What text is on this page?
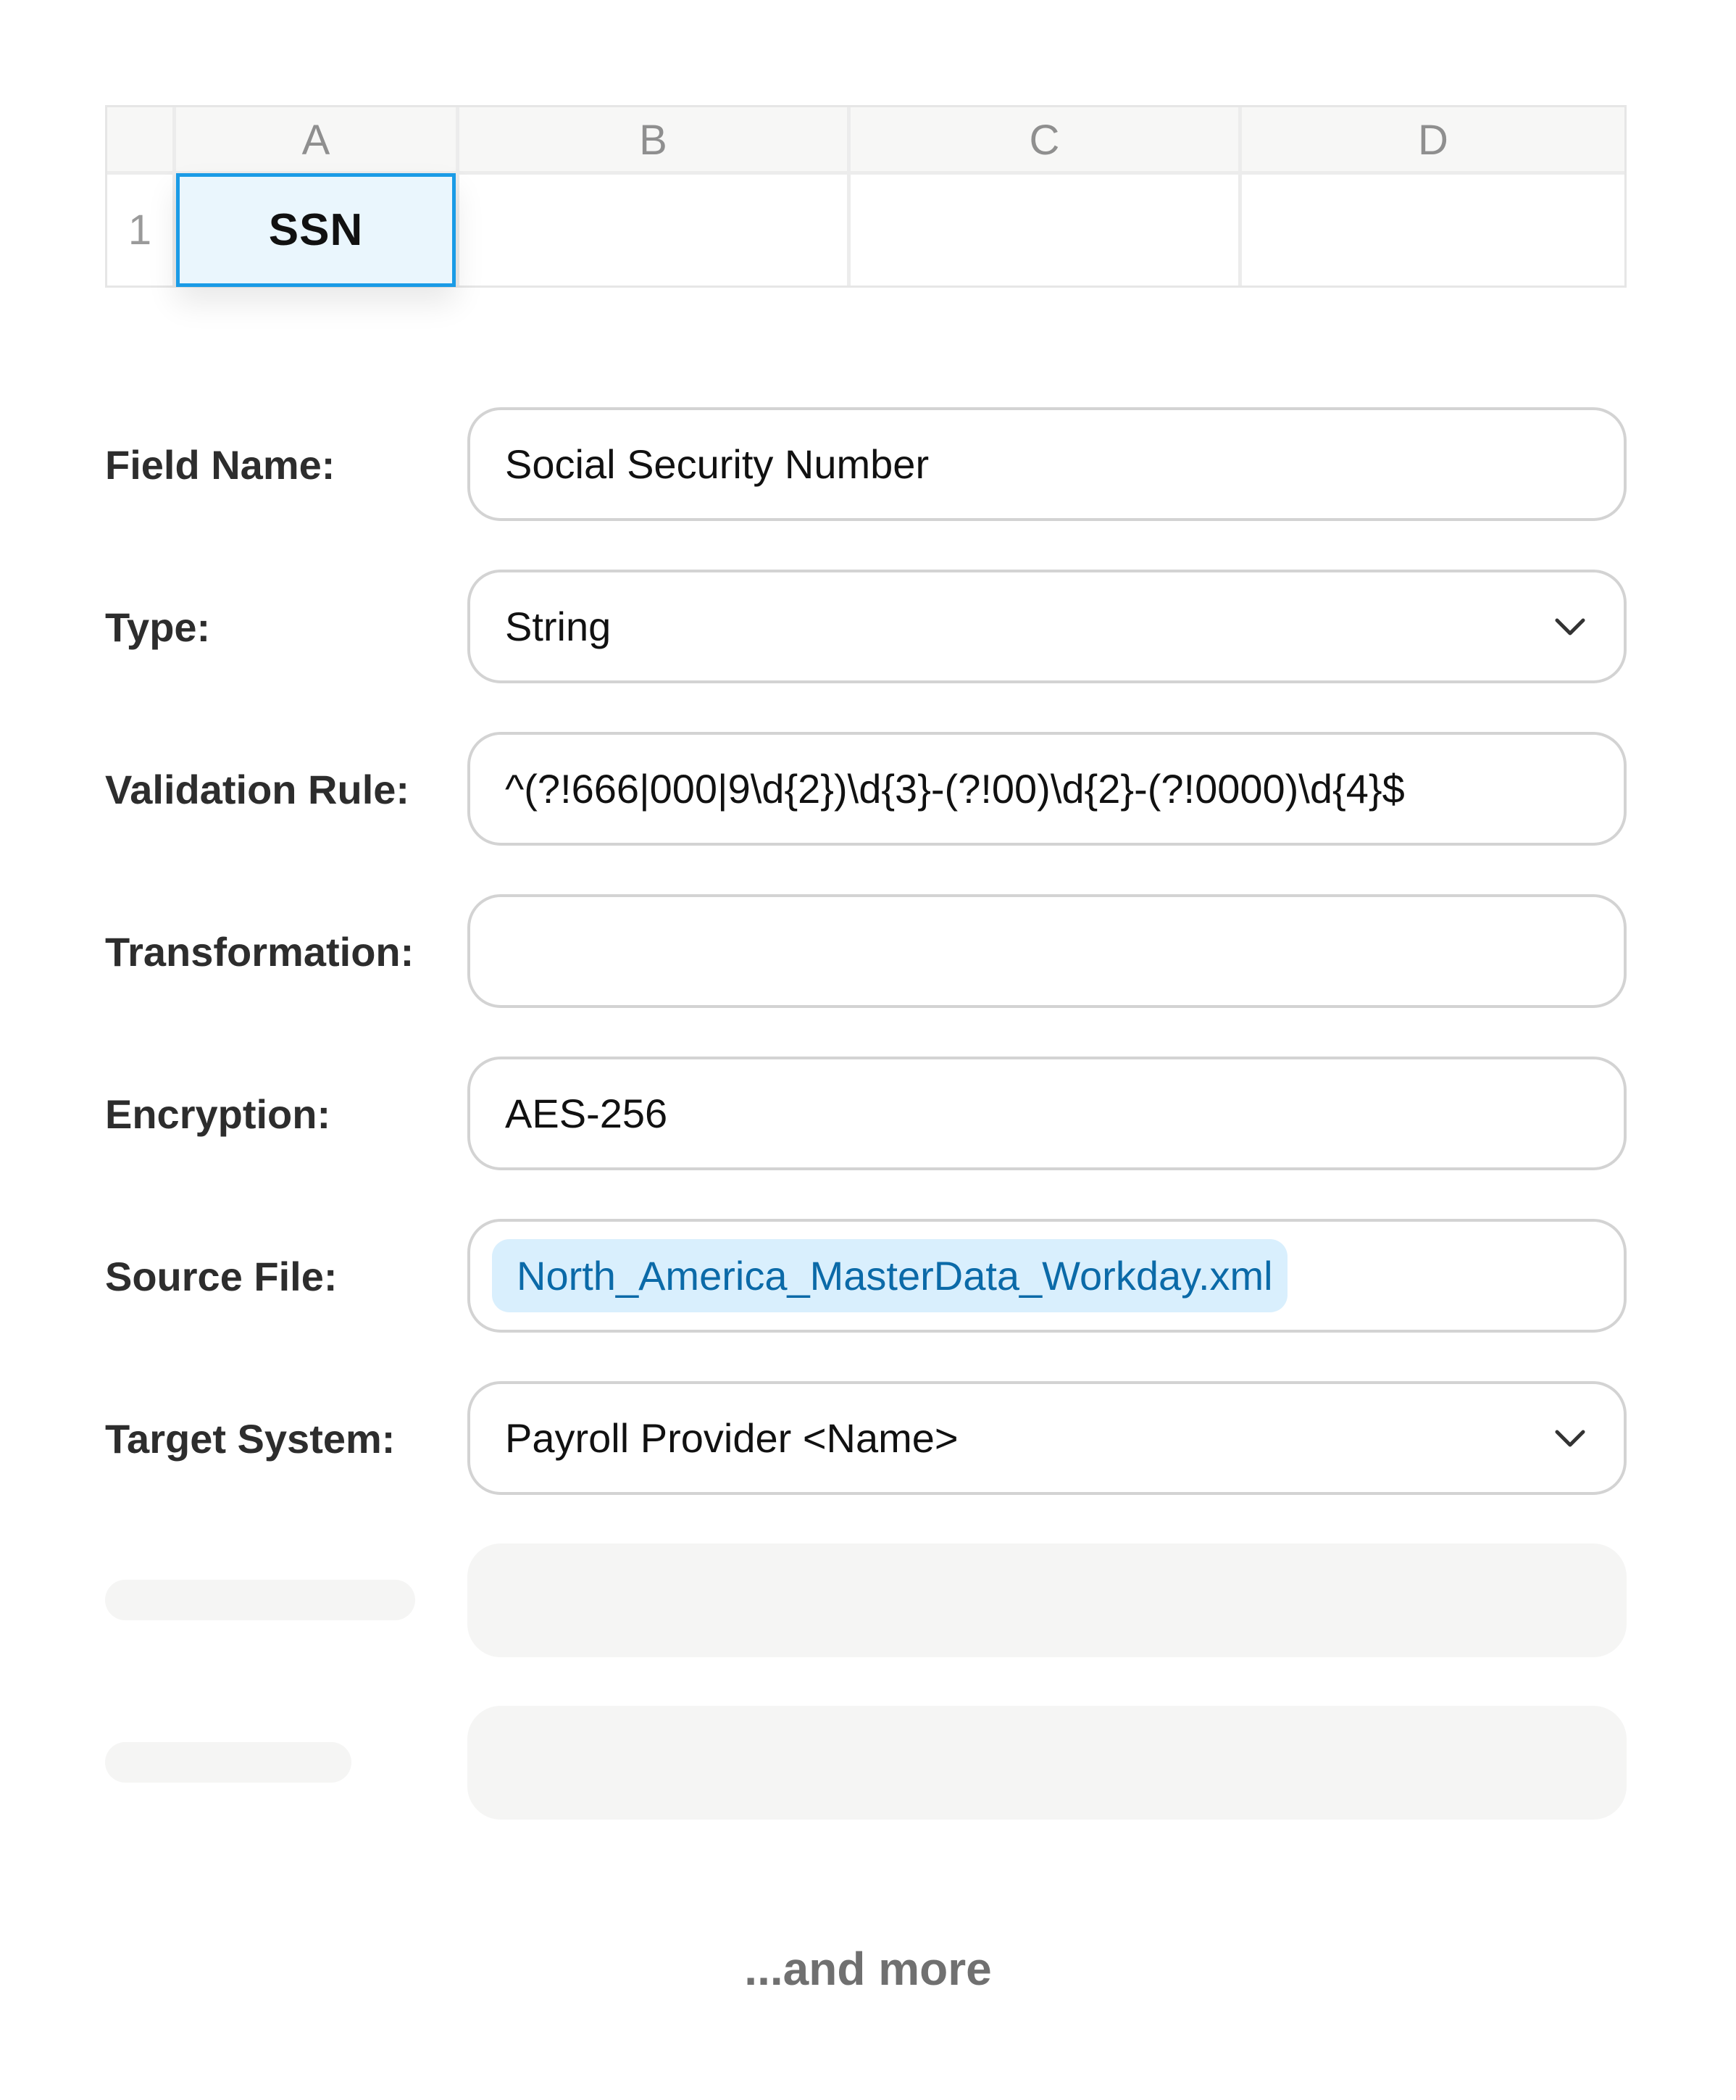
A	B	C	D
1	SSN
Field Name:	Social Security Number
Type:	String
Validation Rule: ^(?!666|000|9\d{2})\d{3}-(?!00)\d{2}-(?!0000)\d{4}$
Transformation:
Encryption:	AES-256
Source File:	North_America_MasterData_Workday.xml
Target System:	Payroll Provider <Name>
...and more
